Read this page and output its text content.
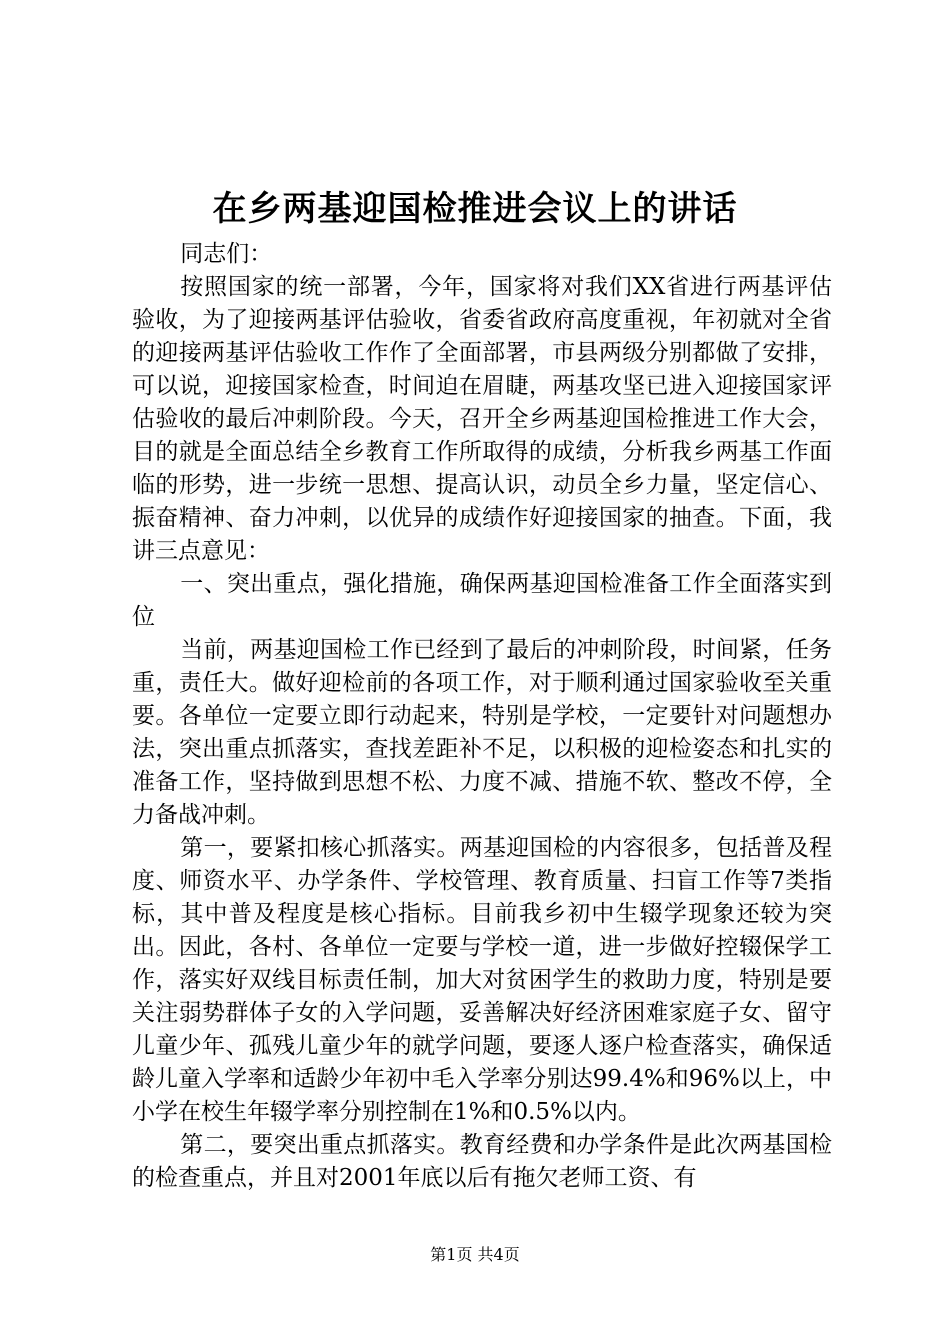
在乡两基迎国检推进会议上的讲话

同志们：

按照国家的统一部署，今年，国家将对我们XX省进行两基评估验收，为了迎接两基评估验收，省委省政府高度重视，年初就对全省的迎接两基评估验收工作作了全面部署，市县两级分别都做了安排，可以说，迎接国家检查，时间迫在眉睫，两基攻坚已进入迎接国家评估验收的最后冲刺阶段。今天，召开全乡两基迎国检推进工作大会，目的就是全面总结全乡教育工作所取得的成绩，分析我乡两基工作面临的形势，进一步统一思想、提高认识，动员全乡力量，坚定信心、振奋精神、奋力冲刺，以优异的成绩作好迎接国家的抽查。下面，我讲三点意见：

一、突出重点，强化措施，确保两基迎国检准备工作全面落实到位

当前，两基迎国检工作已经到了最后的冲刺阶段，时间紧，任务重，责任大。做好迎检前的各项工作，对于顺利通过国家验收至关重要。各单位一定要立即行动起来，特别是学校，一定要针对问题想办法，突出重点抓落实，查找差距补不足，以积极的迎检姿态和扎实的准备工作，坚持做到思想不松、力度不减、措施不软、整改不停，全力备战冲刺。

第一，要紧扣核心抓落实。两基迎国检的内容很多，包括普及程度、师资水平、办学条件、学校管理、教育质量、扫盲工作等7类指标，其中普及程度是核心指标。目前我乡初中生辍学现象还较为突出。因此，各村、各单位一定要与学校一道，进一步做好控辍保学工作，落实好双线目标责任制，加大对贫困学生的救助力度，特别是要关注弱势群体子女的入学问题，妥善解决好经济困难家庭子女、留守儿童少年、孤残儿童少年的就学问题，要逐人逐户检查落实，确保适龄儿童入学率和适龄少年初中毛入学率分别达99.4%和96%以上，中小学在校生年辍学率分别控制在1%和0.5%以内。

第二，要突出重点抓落实。教育经费和办学条件是此次两基国检的检查重点，并且对2001年底以后有拖欠老师工资、有

第1页 共4页
